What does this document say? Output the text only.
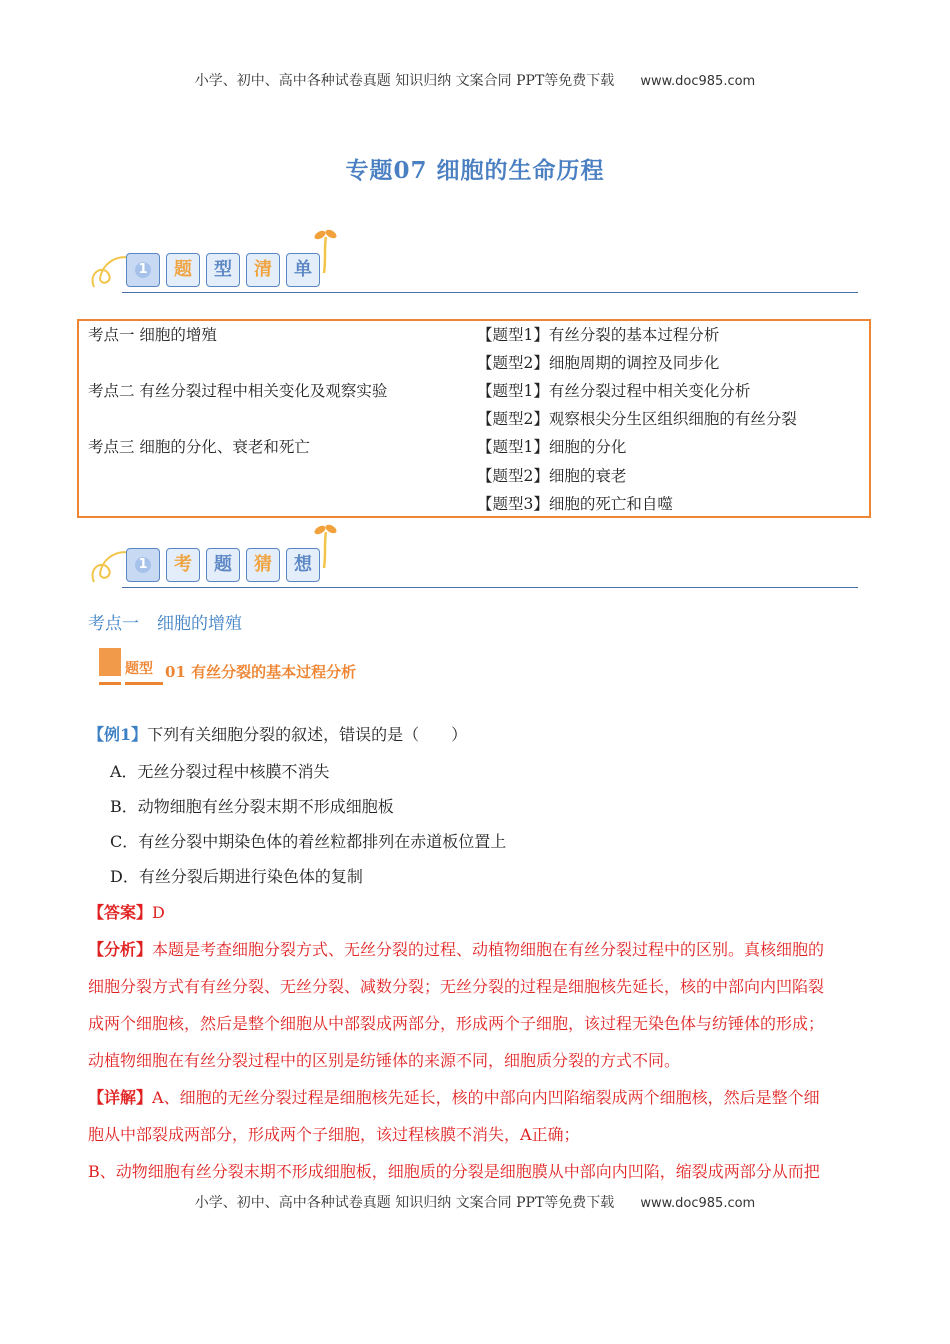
小学、初中、高中各种试卷真题 知识归纳 文案合同 PPT等免费下载 www.doc985.com
专题07 细胞的生命历程
1	题	型	清	单
考点一 细胞的增殖	【题型1】有丝分裂的基本过程分析
【题型2】细胞周期的调控及同步化
考点二 有丝分裂过程中相关变化及观察实验	【题型1】有丝分裂过程中相关变化分析
【题型2】观察根尖分生区组织细胞的有丝分裂
考点三 细胞的分化、衰老和死亡	【题型1】细胞的分化
【题型2】细胞的衰老
【题型3】细胞的死亡和自噬
1	考	题	猜	想
考点一 细胞的增殖
题型 01 有丝分裂的基本过程分析
【例1】下列有关细胞分裂的叙述，错误的是（　　）
A．无丝分裂过程中核膜不消失
B．动物细胞有丝分裂末期不形成细胞板
C．有丝分裂中期染色体的着丝粒都排列在赤道板位置上
D．有丝分裂后期进行染色体的复制
【答案】D
【分析】本题是考查细胞分裂方式、无丝分裂的过程、动植物细胞在有丝分裂过程中的区别。真核细胞的
细胞分裂方式有有丝分裂、无丝分裂、减数分裂；无丝分裂的过程是细胞核先延长，核的中部向内凹陷裂
成两个细胞核，然后是整个细胞从中部裂成两部分，形成两个子细胞，该过程无染色体与纺锤体的形成；
动植物细胞在有丝分裂过程中的区别是纺锤体的来源不同，细胞质分裂的方式不同。
【详解】A、细胞的无丝分裂过程是细胞核先延长，核的中部向内凹陷缩裂成两个细胞核，然后是整个细
胞从中部裂成两部分，形成两个子细胞，该过程核膜不消失，A正确；
B、动物细胞有丝分裂末期不形成细胞板，细胞质的分裂是细胞膜从中部向内凹陷，缩裂成两部分从而把
小学、初中、高中各种试卷真题 知识归纳 文案合同 PPT等免费下载 www.doc985.com
